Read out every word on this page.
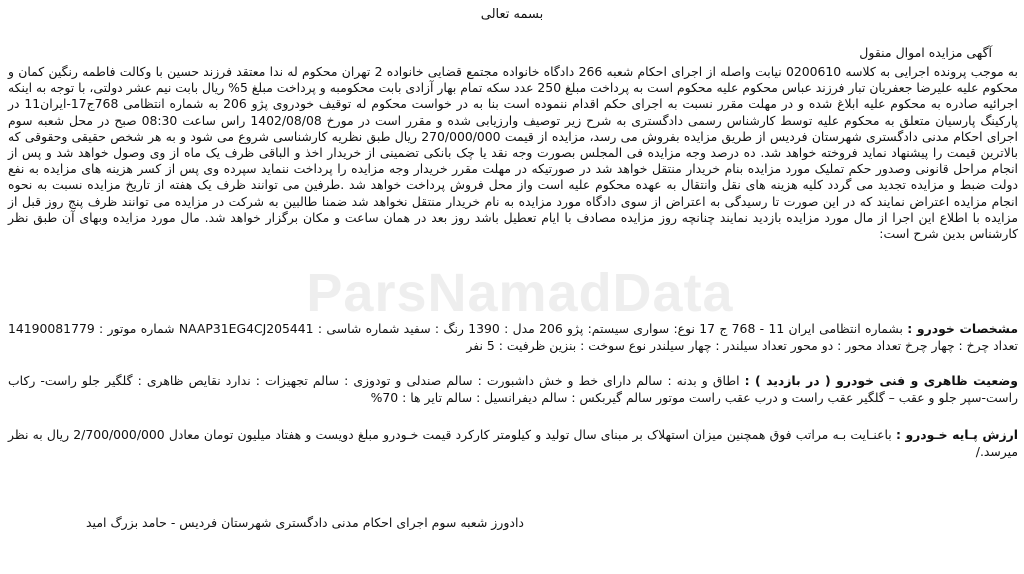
بسمه تعالی
آگهی مزایده اموال منقول

به موجب پرونده اجرایی به کلاسه 0200610 نیابت واصله از اجرای احکام شعبه 266 دادگاه خانواده مجتمع قضایی خانواده 2 تهران محکوم له ندا معتقد فرزند حسین با وکالت فاطمه رنگین کمان و محکوم علیه علیرضا جعفریان تبار فرزند عباس محکوم علیه محکوم است به پرداخت مبلغ 250 عدد سکه تمام بهار آزادی بابت محکومبه و پرداخت مبلغ 5% ریال بابت نیم عشر دولتی، با توجه به اینکه اجرائیه صادره به محکوم علیه ابلاغ شده و در مهلت مقرر نسبت به اجرای حکم اقدام ننموده است بنا به در خواست محکوم له توقیف خودروی پژو 206 به شماره انتظامی 768ج17-ایران11 در پارکینگ پارسیان متعلق به محکوم علیه توسط کارشناس رسمی دادگستری به شرح زیر توصیف وارزیابی شده و مقرر است در مورخ 1402/08/08 راس ساعت 08:30 صبح در محل شعبه سوم اجرای احکام مدنی دادگستری شهرستان فردیس از طریق مزایده بفروش می رسد، مزایده از قیمت 270/000/000 ریال طبق نظریه کارشناسی شروع می شود و به هر شخص حقیقی وحقوقی که بالاترین قیمت را پیشنهاد نماید فروخته خواهد شد. ده درصد وجه مزایده فی المجلس بصورت وجه نقد یا چک بانکی تضمینی از خریدار اخذ و الباقی ظرف یک ماه از وی وصول خواهد شد و پس از انجام مراحل قانونی وصدور حکم تملیک مورد مزایده بنام خریدار منتقل خواهد شد در صورتیکه در مهلت مقرر خریدار وجه مزایده را پرداخت ننماید سپرده وی پس از کسر هزینه های مزایده به نفع دولت ضبط و مزایده تجدید می گردد کلیه هزینه های نقل وانتقال به عهده محکوم علیه است واز محل فروش پرداخت خواهد شد .طرفین می توانند ظرف یک هفته از تاریخ مزایده نسبت به نحوه انجام مزایده اعتراض نمایند که در این صورت تا رسیدگی به اعتراض از سوی دادگاه مورد مزایده به نام خریدار منتقل نخواهد شد ضمنا طالبین به شرکت در مزایده می توانند ظرف پنج روز قبل از مزایده با اطلاع این اجرا از مال مورد مزایده بازدید نمایند چنانچه روز مزایده مصادف با ایام تعطیل باشد روز بعد در همان ساعت و مکان برگزار خواهد شد. مال مورد مزایده وبهای آن طبق نظر کارشناس بدین شرح است:

مشخصات خودرو : بشماره انتظامی ایران 11 - 768 ج 17 نوع: سواری سیستم: پژو 206 مدل : 1390 رنگ : سفید شماره شاسی : NAAP31EG4CJ205441 شماره موتور : 14190081779 تعداد چرخ : چهار چرخ تعداد محور : دو محور تعداد سیلندر : چهار سیلندر نوع سوخت : بنزین ظرفیت : 5 نفر

وضعیت ظاهری و فنی خودرو ( در بازدید ) : اطاق و بدنه : سالم دارای خط و خش داشبورت : سالم صندلی و تودوزی : سالم تجهیزات : ندارد نقایص ظاهری : گلگیر جلو راست- رکاب راست-سپر جلو و عقب – گلگیر عقب راست و درب عقب راست موتور سالم گیربکس : سالم دیفرانسیل : سالم تایر ها : 70%

ارزش پـایه خـودرو : باعنـایت بـه مراتب فوق همچنین میزان استهلاک بر مبنای سال تولید و کیلومتر کارکرد قیمت خـودرو مبلغ دویست و هفتاد میلیون تومان معادل 2/700/000/000 ریال به نظر میرسد./

دادورز شعبه سوم اجرای احکام مدنی دادگستری شهرستان فردیس - حامد بزرگ امید
ParsNamadData
